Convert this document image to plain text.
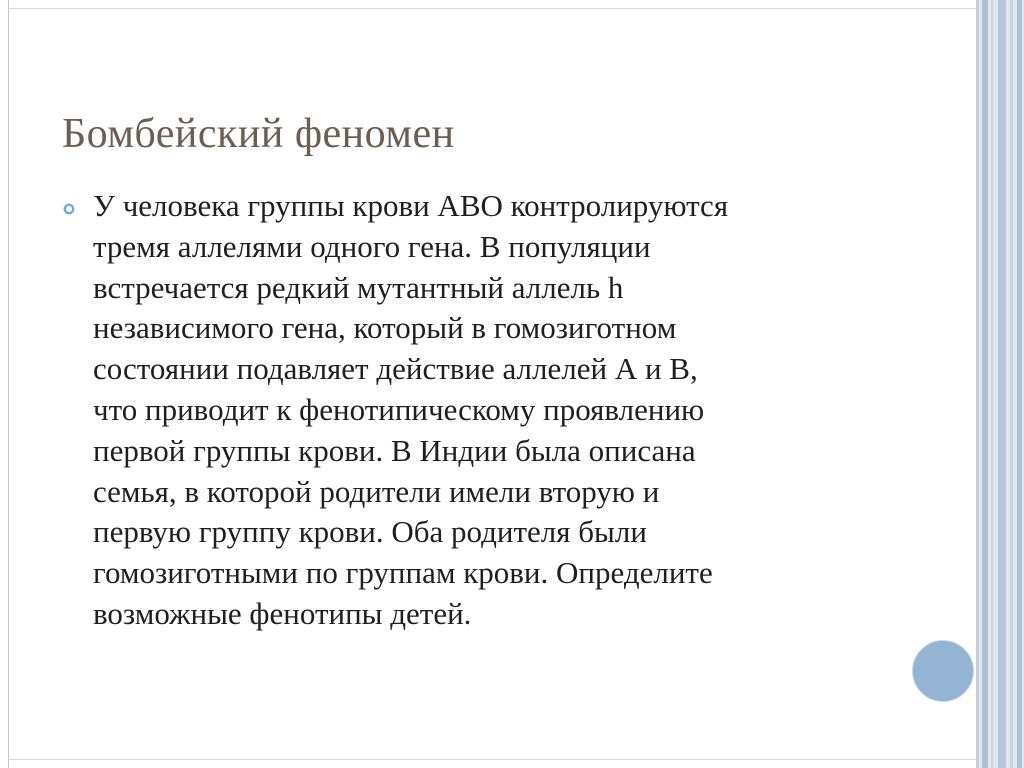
Бомбейский феномен
У человека группы крови АВО контролируются
тремя аллелями одного гена. В популяции
встречается редкий мутантный аллель h
независимого гена, который в гомозиготном
состоянии подавляет действие аллелей А и В,
что приводит к фенотипическому проявлению
первой группы крови. В Индии была описана
семья, в которой родители имели вторую и
первую группу крови. Оба родителя были
гомозиготными по группам крови. Определите
возможные фенотипы детей.
